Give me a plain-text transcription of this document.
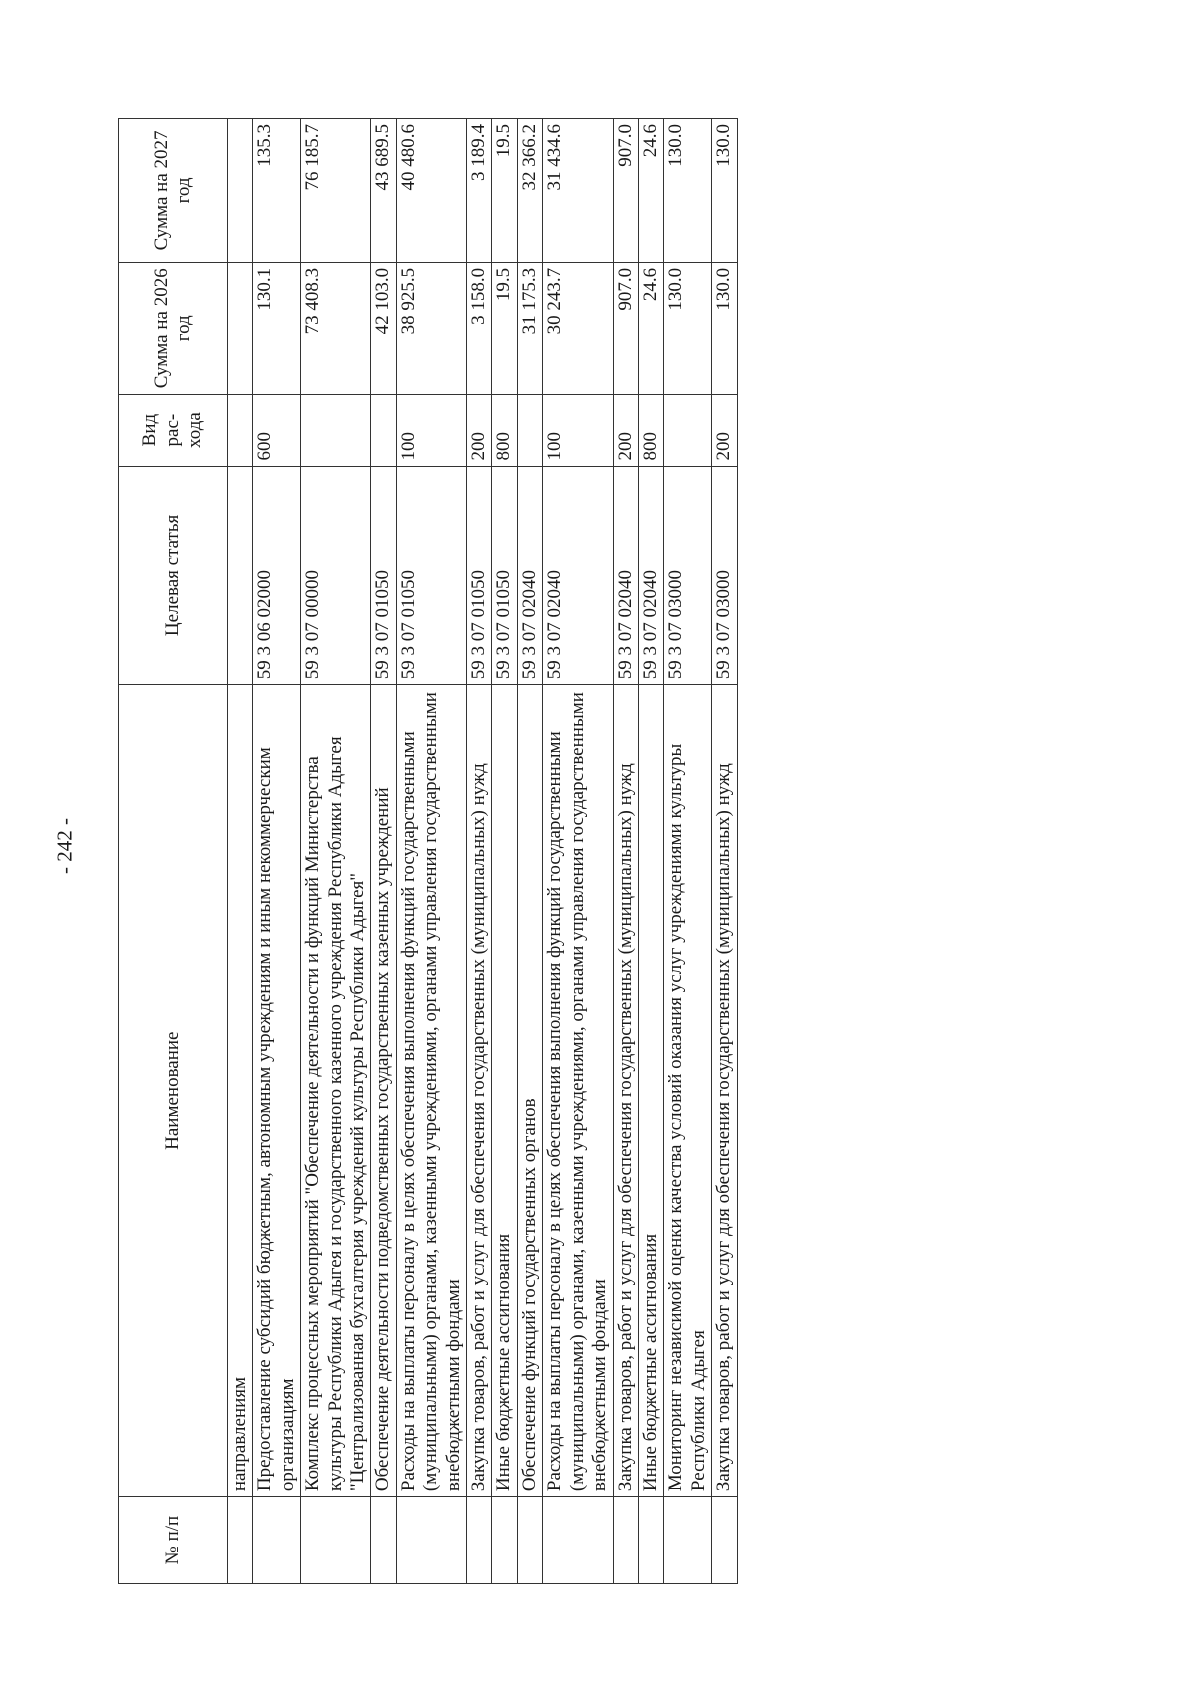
- 242 -
№ п/п	Наименование	Целевая статья	Вид рас- хода	Сумма на 2026 год	Сумма на 2027 год
	направлениям				
	Предоставление субсидий бюджетным, автономным учреждениям и иным некоммерческим организациям	59 3 06 02000	600	130.1	135.3
	Комплекс процессных мероприятий "Обеспечение деятельности и функций Министерства культуры Республики Адыгея и государственного казенного учреждения Республики Адыгея "Централизованная бухгалтерия учреждений культуры Республики Адыгея"	59 3 07 00000		73 408.3	76 185.7
	Обеспечение деятельности подведомственных государственных казенных учреждений	59 3 07 01050		42 103.0	43 689.5
	Расходы на выплаты персоналу в целях обеспечения выполнения функций государственными (муниципальными) органами, казенными учреждениями, органами управления государственными внебюджетными фондами	59 3 07 01050	100	38 925.5	40 480.6
	Закупка товаров, работ и услуг для обеспечения государственных (муниципальных) нужд	59 3 07 01050	200	3 158.0	3 189.4
	Иные бюджетные ассигнования	59 3 07 01050	800	19.5	19.5
	Обеспечение функций государственных органов	59 3 07 02040		31 175.3	32 366.2
	Расходы на выплаты персоналу в целях обеспечения выполнения функций государственными (муниципальными) органами, казенными учреждениями, органами управления государственными внебюджетными фондами	59 3 07 02040	100	30 243.7	31 434.6
	Закупка товаров, работ и услуг для обеспечения государственных (муниципальных) нужд	59 3 07 02040	200	907.0	907.0
	Иные бюджетные ассигнования	59 3 07 02040	800	24.6	24.6
	Мониторинг независимой оценки качества условий оказания услуг учреждениями культуры Республики Адыгея	59 3 07 03000		130.0	130.0
	Закупка товаров, работ и услуг для обеспечения государственных (муниципальных) нужд	59 3 07 03000	200	130.0	130.0
